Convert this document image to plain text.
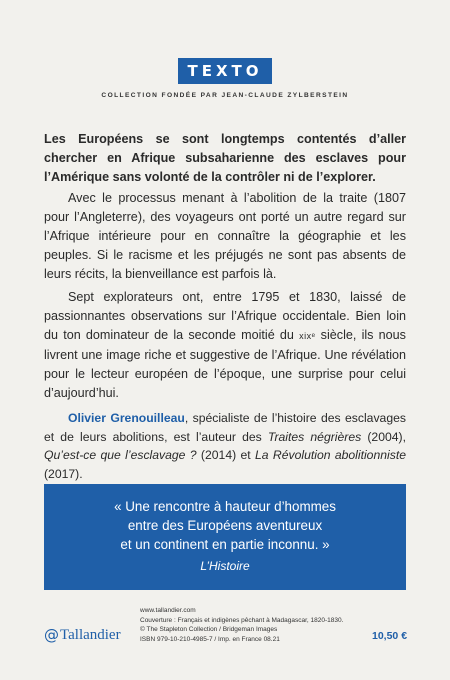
TEXTO
COLLECTION FONDÉE PAR JEAN-CLAUDE ZYLBERSTEIN

Les Européens se sont longtemps contentés d’aller chercher en Afrique subsaharienne des esclaves pour l’Amérique sans volonté de la contrôler ni de l’explorer.

Avec le processus menant à l’abolition de la traite (1807 pour l’Angleterre), des voyageurs ont porté un autre regard sur l’Afrique intérieure pour en connaître la géographie et les peuples. Si le racisme et les préjugés ne sont pas absents de leurs récits, la bienveillance est parfois là.

Sept explorateurs ont, entre 1795 et 1830, laissé de passionnantes observations sur l’Afrique occidentale. Bien loin du ton dominateur de la seconde moitié du xixᵉ siècle, ils nous livrent une image riche et suggestive de l’Afrique. Une révélation pour le lecteur européen de l’époque, une surprise pour celui d’aujourd’hui.

Olivier Grenouilleau, spécialiste de l’histoire des esclavages et de leurs abolitions, est l’auteur des Traites négrières (2004), Qu’est-ce que l’esclavage ? (2014) et La Révolution abolitionniste (2017).

« Une rencontre à hauteur d’hommes
entre des Européens aventureux
et un continent en partie inconnu. »
L’Histoire
@ Tallandier
www.tallandier.com
Couverture : Français et indigènes pêchant à Madagascar, 1820-1830.
© The Stapleton Collection / Bridgeman Images
ISBN 979-10-210-4985-7 / Imp. en France 08.21	10,50 €
